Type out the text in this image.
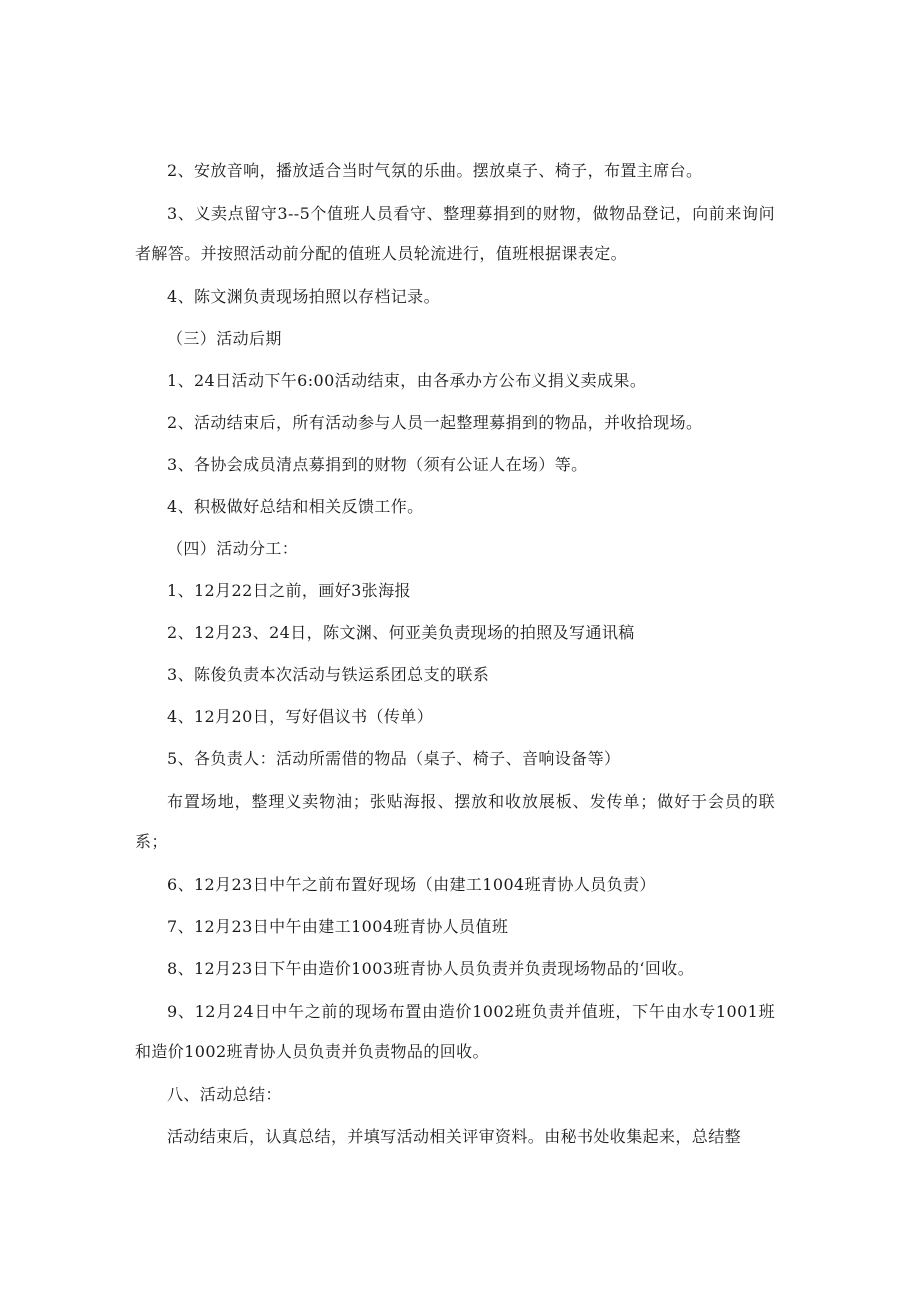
2、安放音响，播放适合当时气氛的乐曲。摆放桌子、椅子，布置主席台。

3、义卖点留守3--5个值班人员看守、整理募捐到的财物，做物品登记，向前来询问者解答。并按照活动前分配的值班人员轮流进行，值班根据课表定。

4、陈文渊负责现场拍照以存档记录。

（三）活动后期

1、24日活动下午6:00活动结束，由各承办方公布义捐义卖成果。

2、活动结束后，所有活动参与人员一起整理募捐到的物品，并收拾现场。

3、各协会成员清点募捐到的财物（须有公证人在场）等。

4、积极做好总结和相关反馈工作。

（四）活动分工：

1、12月22日之前，画好3张海报

2、12月23、24日，陈文渊、何亚美负责现场的拍照及写通讯稿

3、陈俊负责本次活动与铁运系团总支的联系

4、12月20日，写好倡议书（传单）

5、各负责人：活动所需借的物品（桌子、椅子、音响设备等）

布置场地，整理义卖物油；张贴海报、摆放和收放展板、发传单；做好于会员的联系；

6、12月23日中午之前布置好现场（由建工1004班青协人员负责）

7、12月23日中午由建工1004班青协人员值班

8、12月23日下午由造价1003班青协人员负责并负责现场物品的‘回收。

9、12月24日中午之前的现场布置由造价1002班负责并值班，下午由水专1001班和造价1002班青协人员负责并负责物品的回收。

八、活动总结：

活动结束后，认真总结，并填写活动相关评审资料。由秘书处收集起来，总结整
